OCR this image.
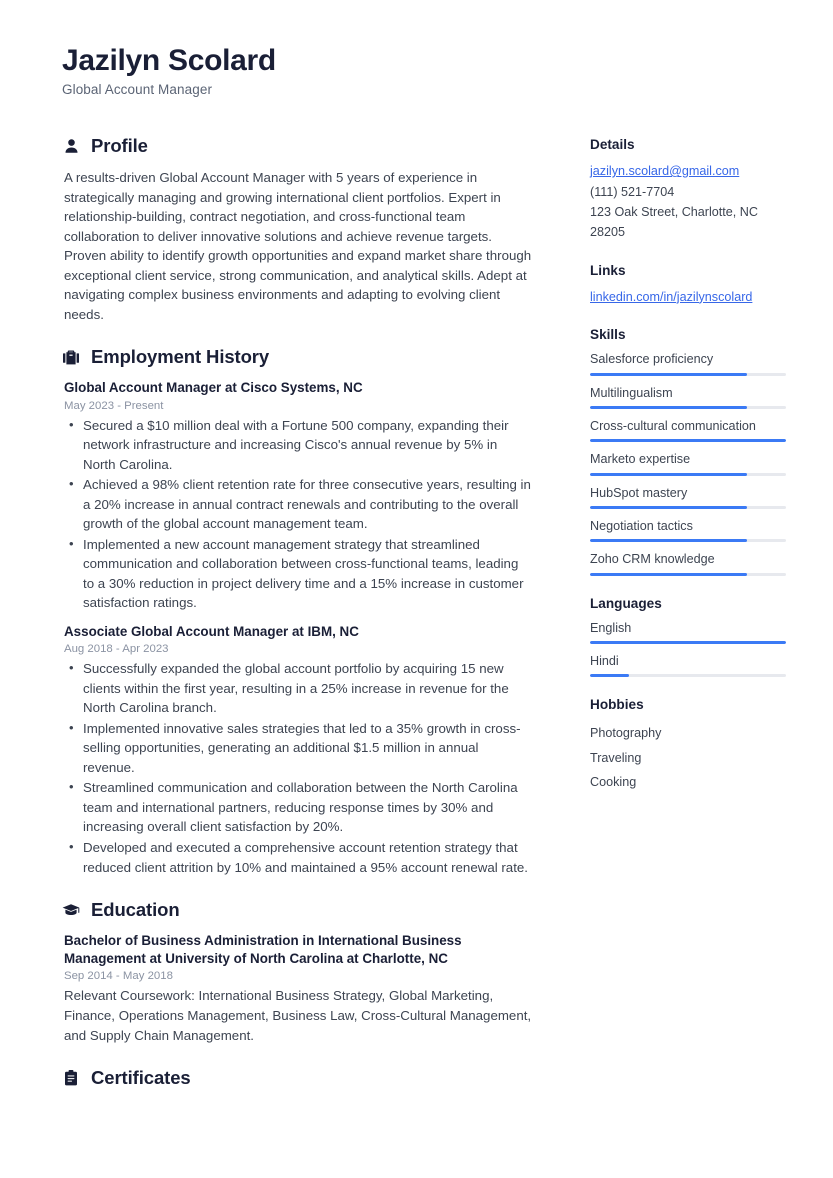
Jazilyn Scolard
Global Account Manager
Profile

A results-driven Global Account Manager with 5 years of experience in strategically managing and growing international client portfolios. Expert in relationship-building, contract negotiation, and cross-functional team collaboration to deliver innovative solutions and achieve revenue targets. Proven ability to identify growth opportunities and expand market share through exceptional client service, strong communication, and analytical skills. Adept at navigating complex business environments and adapting to evolving client needs.

Employment History
Global Account Manager at Cisco Systems, NC
May 2023 - Present
• Secured a $10 million deal with a Fortune 500 company, expanding their network infrastructure and increasing Cisco's annual revenue by 5% in North Carolina.
• Achieved a 98% client retention rate for three consecutive years, resulting in a 20% increase in annual contract renewals and contributing to the overall growth of the global account management team.
• Implemented a new account management strategy that streamlined communication and collaboration between cross-functional teams, leading to a 30% reduction in project delivery time and a 15% increase in customer satisfaction ratings.
Associate Global Account Manager at IBM, NC
Aug 2018 - Apr 2023
• Successfully expanded the global account portfolio by acquiring 15 new clients within the first year, resulting in a 25% increase in revenue for the North Carolina branch.
• Implemented innovative sales strategies that led to a 35% growth in cross-selling opportunities, generating an additional $1.5 million in annual revenue.
• Streamlined communication and collaboration between the North Carolina team and international partners, reducing response times by 30% and increasing overall client satisfaction by 20%.
• Developed and executed a comprehensive account retention strategy that reduced client attrition by 10% and maintained a 95% account renewal rate.
Education
Bachelor of Business Administration in International Business Management at University of North Carolina at Charlotte, NC
Sep 2014 - May 2018
Relevant Coursework: International Business Strategy, Global Marketing, Finance, Operations Management, Business Law, Cross-Cultural Management, and Supply Chain Management.
Certificates
Details
jazilyn.scolard@gmail.com
(111) 521-7704
123 Oak Street, Charlotte, NC 28205
Links
linkedin.com/in/jazilynscolard
Skills
Salesforce proficiency
Multilingualism
Cross-cultural communication
Marketo expertise
HubSpot mastery
Negotiation tactics
Zoho CRM knowledge
Languages
English
Hindi
Hobbies
Photography
Traveling
Cooking
